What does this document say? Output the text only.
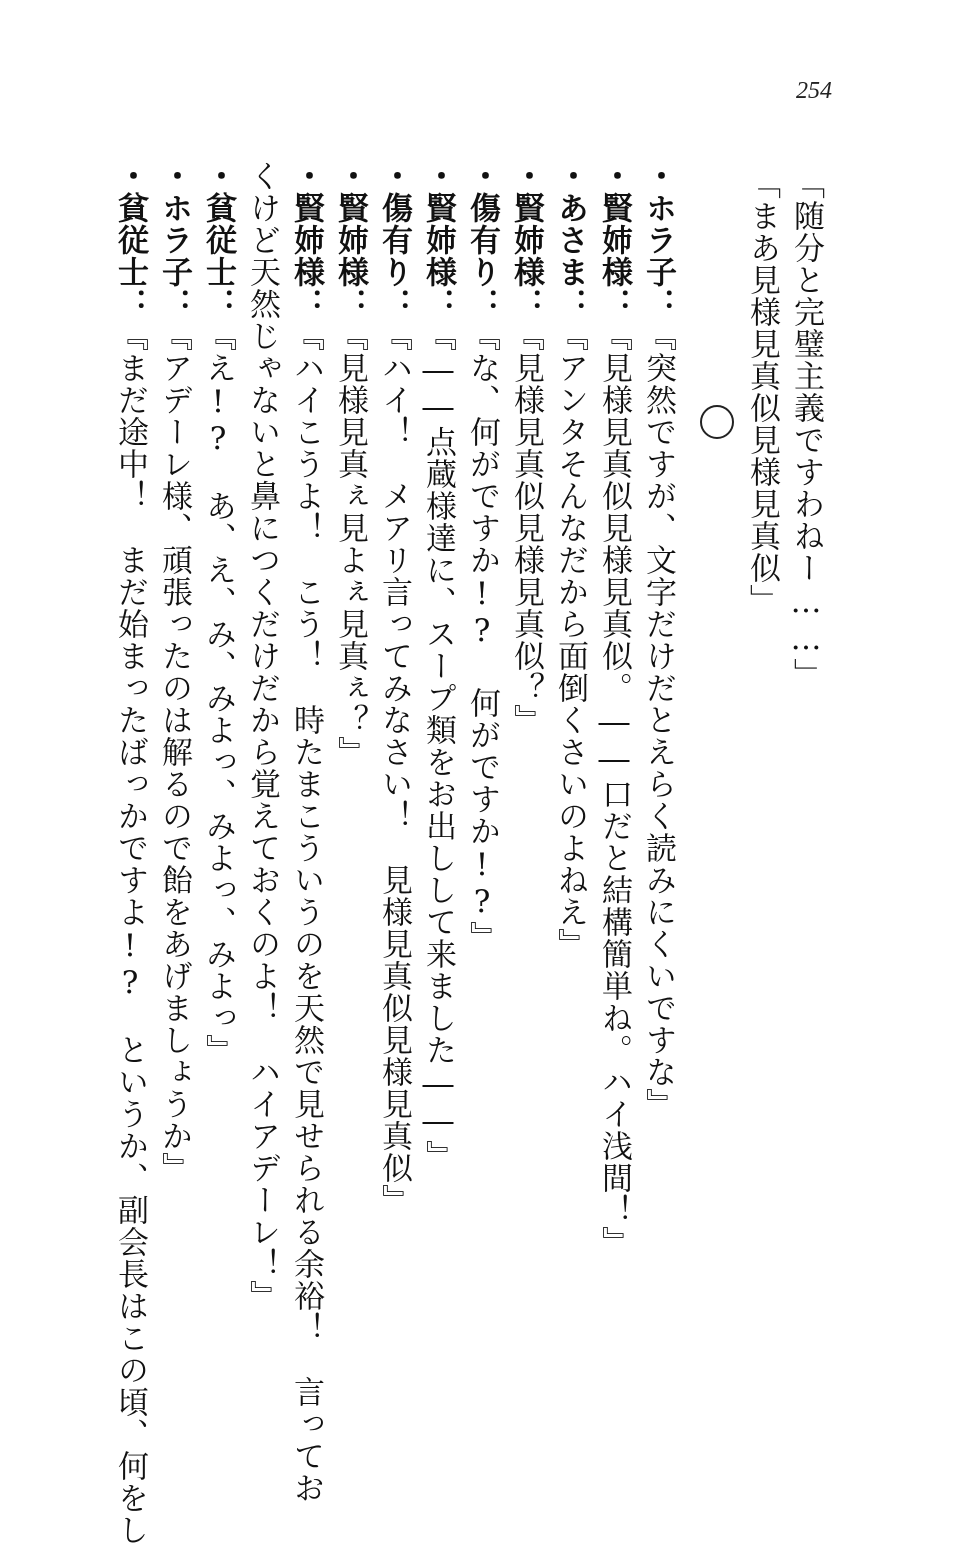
254
「随分と完璧主義ですわねー……」
「まあ見様見真似見様見真似」
・ホラ子：『突然ですが、文字だけだとえらく読みにくいですな』
・賢姉様：『見様見真似見様見真似。――口だと結構簡単ね。ハイ浅間！』
・あさま：『アンタそんなだから面倒くさいのよねえ』
・賢姉様：『見様見真似見様見真似？』
・傷有り：『な、何がですか!? 何がですか!?』
・賢姉様：『――点蔵様達に、スープ類をお出しして来ました――』
・傷有り：『ハイ！　メアリ言ってみなさい！　見様見真似見様見真似』
・賢姉様：『見様見真ぇ見よぇ見真ぇ？』
・賢姉様：『ハイこうよ！　こう！　時たまこういうのを天然で見せられる余裕！　言ってお
くけど天然じゃないと鼻につくだけだから覚えておくのよ！　ハイアデーレ！』
・貧従士：『え!?　あ、え、み、みよっ、みよっ、みよっ』
・ホラ子：『アデーレ様、頑張ったのは解るので飴をあげましょうか』
・貧従士：『まだ途中！　まだ始まったばっかですよ!?　というか、副会長はこの頃、何をし
